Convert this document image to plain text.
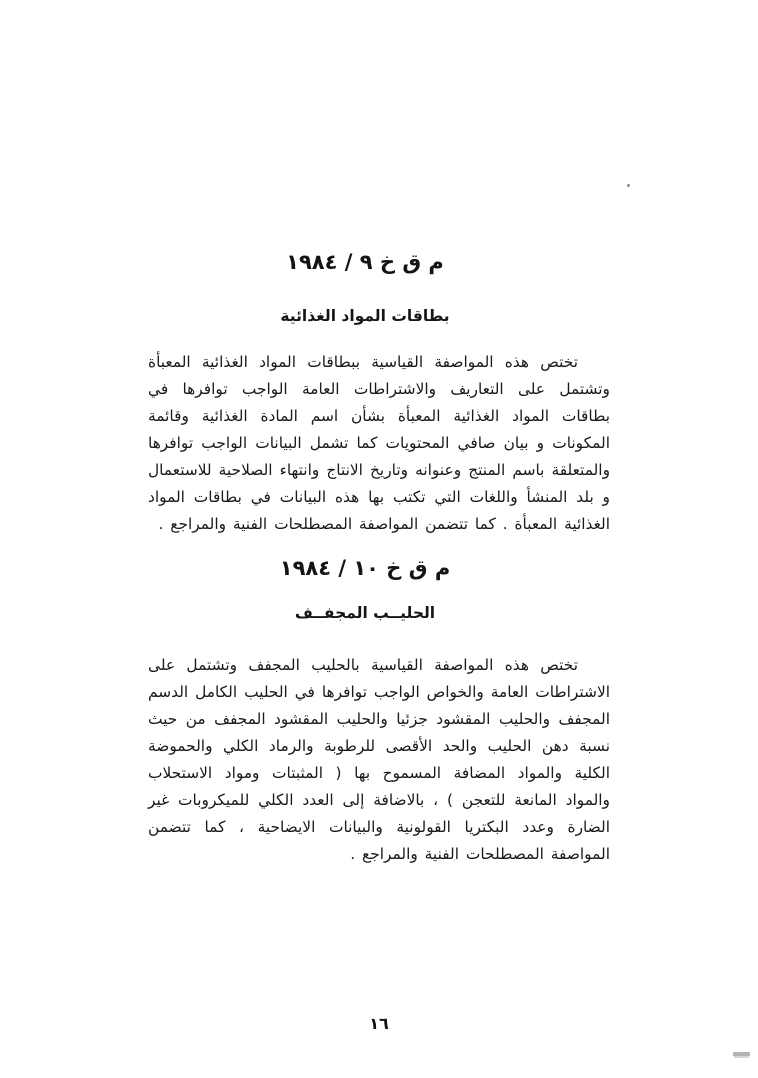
م ق خ ٩ / ١٩٨٤
بطاقات المواد الغذائية

تختص هذه المواصفة القياسية ببطاقات المواد الغذائية المعبأة وتشتمل على التعاريف والاشتراطات العامة الواجب توافرها في بطاقات المواد الغذائية المعبأة بشأن اسم المادة الغذائية وقائمة المكونات و بيان صافي المحتويات كما تشمل البيانات الواجب توافرها والمتعلقة باسم المنتج وعنوانه وتاريخ الانتاج وانتهاء الصلاحية للاستعمال و بلد المنشأ واللغات التي تكتب بها هذه البيانات في بطاقات المواد الغذائية المعبأة . كما تتضمن المواصفة المصطلحات الفنية والمراجع .

م ق خ ١٠ / ١٩٨٤
الحليــب المجفــف

تختص هذه المواصفة القياسية بالحليب المجفف وتشتمل على الاشتراطات العامة والخواص الواجب توافرها في الحليب الكامل الدسم المجفف والحليب المقشود جزئيا والحليب المقشود المجفف من حيث نسبة دهن الحليب والحد الأقصى للرطوبة والرماد الكلي والحموضة الكلية والمواد المضافة المسموح بها ( المثبتات ومواد الاستحلاب والمواد المانعة للتعجن ) ، بالاضافة إلى العدد الكلي للميكروبات غير الضارة وعدد البكتريا القولونية والبيانات الايضاحية ، كما تتضمن المواصفة المصطلحات الفنية والمراجع .

١٦
